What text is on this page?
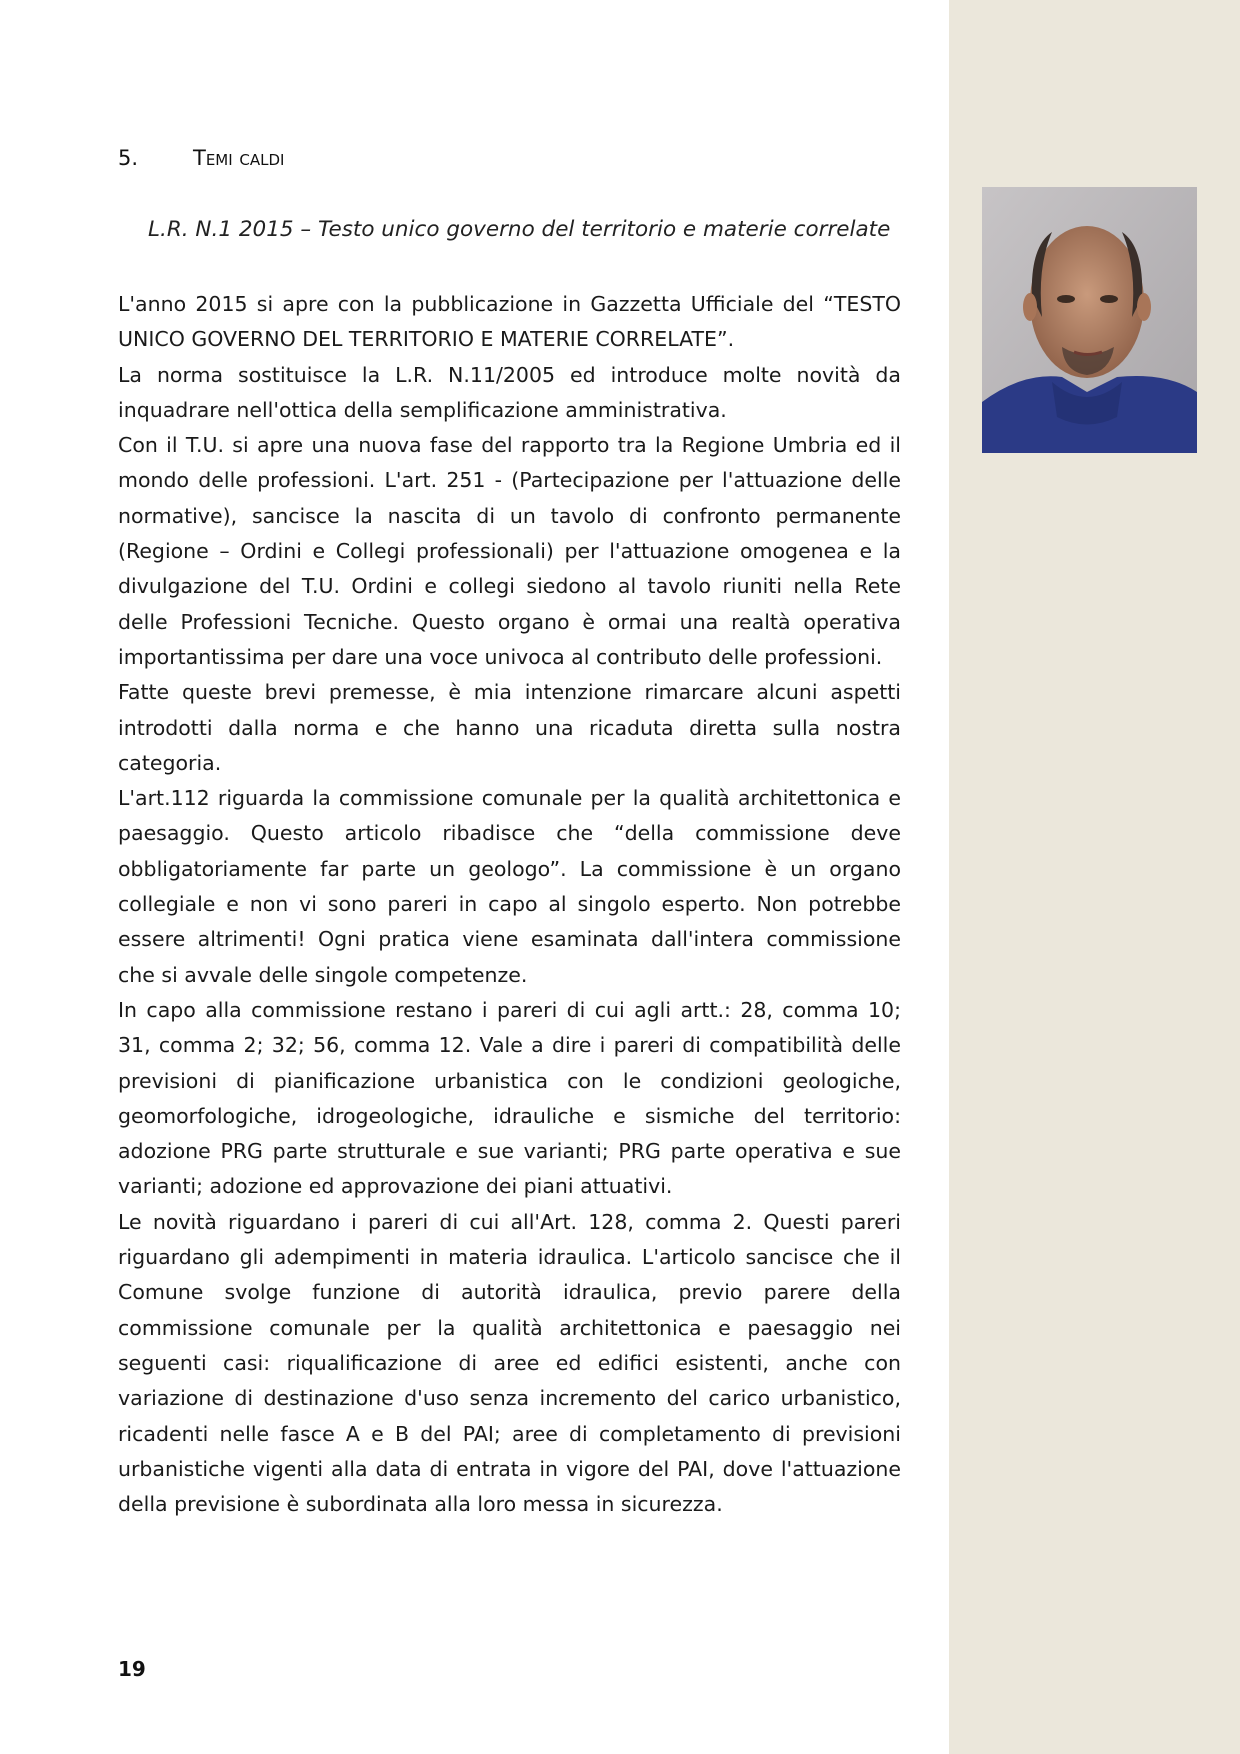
5.	Temi caldi
L.R. N.1 2015 – Testo unico governo del territorio e materie correlate

L'anno 2015 si apre con la pubblicazione in Gazzetta Ufficiale del “TESTO UNICO GOVERNO DEL TERRITORIO E MATERIE CORRELATE”.

La norma sostituisce la L.R. N.11/2005 ed introduce molte novità da inquadrare nell'ottica della semplificazione amministrativa.

Con il T.U. si apre una nuova fase del rapporto tra la Regione Umbria ed il mondo delle professioni. L'art. 251 - (Partecipazione per l'attuazione delle normative), sancisce la nascita di un tavolo di confronto permanente (Regione – Ordini e Collegi professionali) per l'attuazione omogenea e la divulgazione del T.U. Ordini e collegi siedono al tavolo riuniti nella Rete delle Professioni Tecniche. Questo organo è ormai una realtà operativa importantissima per dare una voce univoca al contributo delle professioni.

Fatte queste brevi premesse, è mia intenzione rimarcare alcuni aspetti introdotti dalla norma e che hanno una ricaduta diretta sulla nostra categoria.

L'art.112 riguarda la commissione comunale per la qualità architettonica e paesaggio. Questo articolo ribadisce che “della commissione deve obbligatoriamente far parte un geologo”. La commissione è un organo collegiale e non vi sono pareri in capo al singolo esperto. Non potrebbe essere altrimenti! Ogni pratica viene esaminata dall'intera commissione che si avvale delle singole competenze.

In capo alla commissione restano i pareri di cui agli artt.: 28, comma 10; 31, comma 2; 32; 56, comma 12. Vale a dire i pareri di compatibilità delle previsioni di pianificazione urbanistica con le condizioni geologiche, geomorfologiche, idrogeologiche, idrauliche e sismiche del territorio: adozione PRG parte strutturale e sue varianti; PRG parte operativa e sue varianti; adozione ed approvazione dei piani attuativi.

Le novità riguardano i pareri di cui all'Art. 128, comma 2. Questi pareri riguardano gli adempimenti in materia idraulica. L'articolo sancisce che il Comune svolge funzione di autorità idraulica, previo parere della commissione comunale per la qualità architettonica e paesaggio nei seguenti casi: riqualificazione di aree ed edifici esistenti, anche con variazione di destinazione d'uso senza incremento del carico urbanistico, ricadenti nelle fasce A e B del PAI; aree di completamento di previsioni urbanistiche vigenti alla data di entrata in vigore del PAI, dove l'attuazione della previsione è subordinata alla loro messa in sicurezza.

19
